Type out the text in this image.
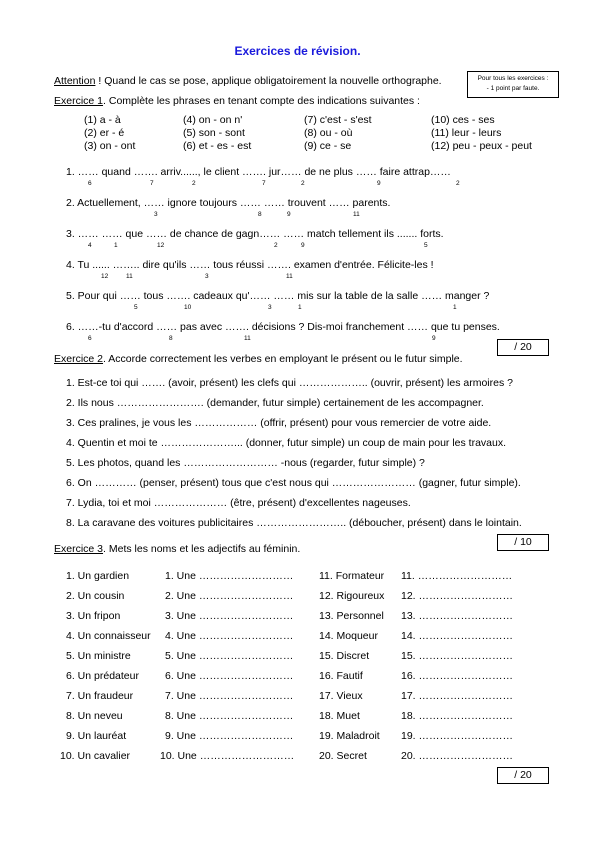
Exercices de révision.
Pour tous les exercices :
- 1 point par faute.
Attention ! Quand le cas se pose, applique obligatoirement la nouvelle orthographe.
Exercice 1. Complète les phrases en tenant compte des indications suivantes :
(1) a - à	(4) on - on n'	(7) c'est - s'est	(10) ces - ses
(2) er - é	(5) son - sont	(8) ou - où	(11) leur - leurs
(3) on - ont	(6) et - es - est	(9) ce - se	(12) peu - peux - peut
1. …… quand ……. arriv......, le client ……. jur…… de ne plus …… faire attrap……
6	7	2	7	2	9	2
2. Actuellement, …… ignore toujours …… …… trouvent …… parents.
3	8	9	11
3. …… …… que …… de chance de gagn…… …… match tellement ils ....... forts.
4	1	12	2	9	5
4. Tu ...... …….. dire qu'ils …… tous réussi ……. examen d'entrée. Félicite-les !
12	11	3	11
5. Pour qui …… tous ……. cadeaux qu'…… …… mis sur la table de la salle …… manger ?
5	10	3	1	1
6. ……-tu d'accord …… pas avec ……. décisions ? Dis-moi franchement …… que tu penses.
6	8	11	9
/ 20
Exercice 2. Accorde correctement les verbes en employant le présent ou le futur simple.
1. Est-ce toi qui ……. (avoir, présent) les clefs qui ……………….. (ouvrir, présent) les armoires ?
2. Ils nous ……………………. (demander, futur simple) certainement de les accompagner.
3. Ces pralines, je vous les ……………… (offrir, présent) pour vous remercier de votre aide.
4. Quentin et moi te …………………... (donner, futur simple) un coup de main pour les travaux.
5. Les photos, quand les ……………………… -nous (regarder, futur simple) ?
6. On ………… (penser, présent) tous que c'est nous qui …………………… (gagner, futur simple).
7. Lydia, toi et moi ………………… (être, présent) d'excellentes nageuses.
8. La caravane des voitures publicitaires …………………….. (déboucher, présent) dans le lointain.
/ 10
Exercice 3. Mets les noms et les adjectifs au féminin.
1. Un gardien	1. Une ……………………… 11. Formateur 11. ………………………
2. Un cousin	2. Une ……………………… 12. Rigoureux 12. ………………………
3. Un fripon	3. Une ……………………… 13. Personnel 13. ………………………
4. Un connaisseur 4. Une ……………………… 14. Moqueur 14. ………………………
5. Un ministre	5. Une ……………………… 15. Discret	15. ………………………
6. Un prédateur 6. Une ……………………… 16. Fautif	16. ………………………
7. Un fraudeur	7. Une ……………………… 17. Vieux	17. ………………………
8. Un neveu	8. Une ……………………… 18. Muet	18. ………………………
9. Un lauréat	9. Une ……………………… 19. Maladroit 19. ………………………
10. Un cavalier	10. Une ……………………… 20. Secret	20. ………………………
/ 20
